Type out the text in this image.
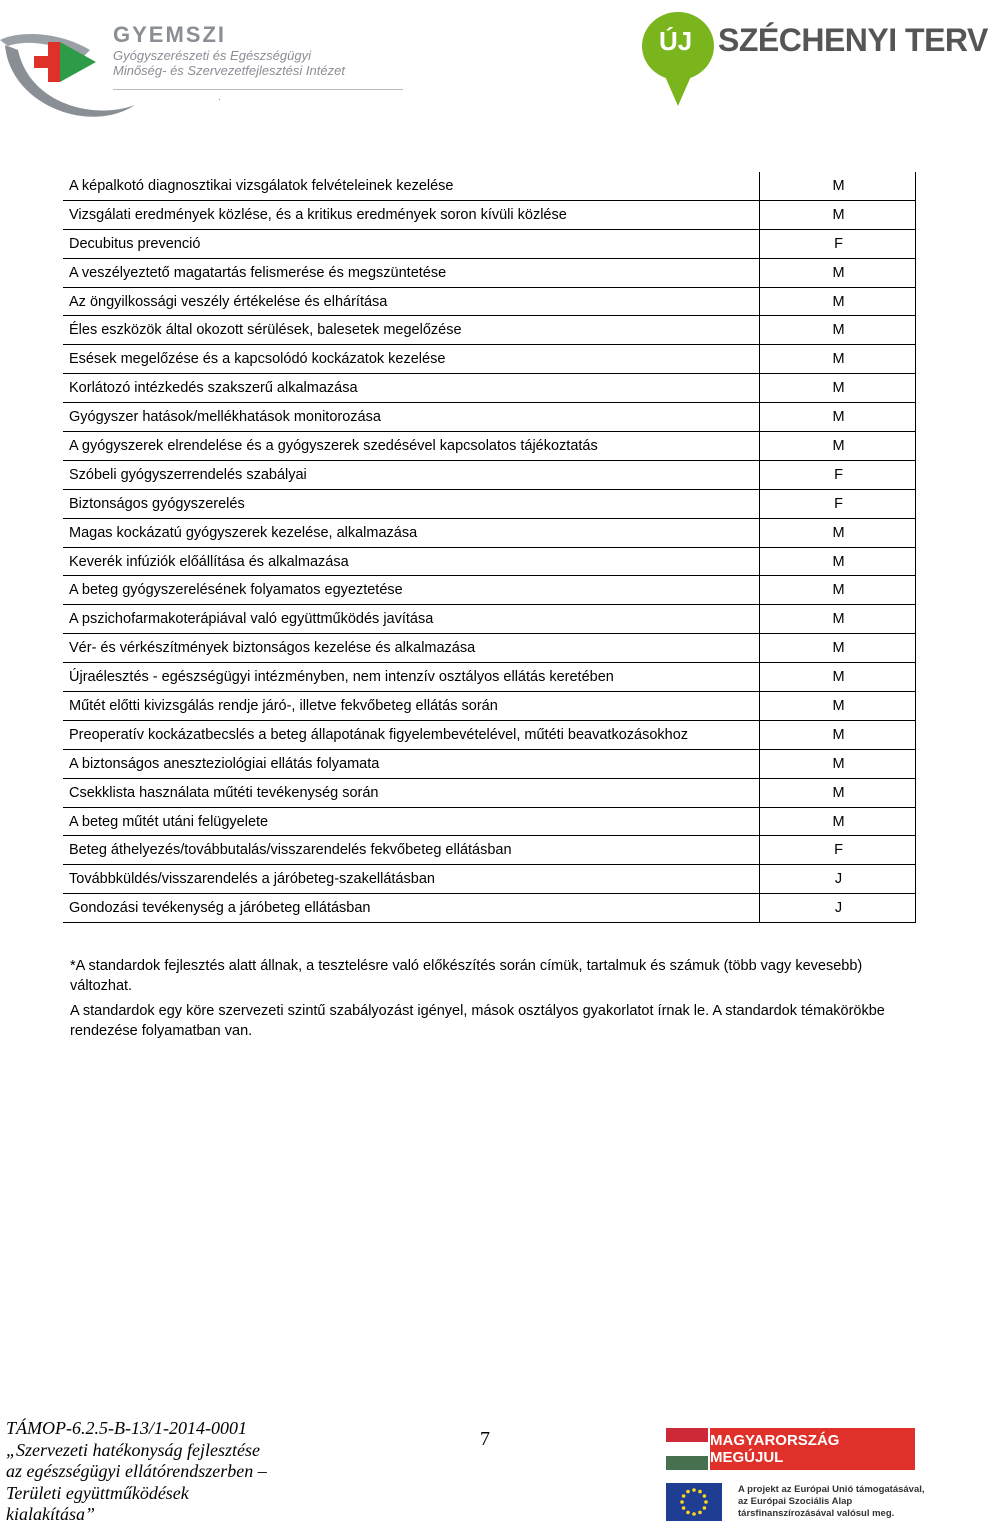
GYEMSZI
Gyógyszerészeti és Egészségügyi
Minőség- és Szervezetfejlesztési Intézet
.
ÚJ SZÉCHENYI TERV
A képalkotó diagnosztikai vizsgálatok felvételeinek kezelése	M
Vizsgálati eredmények közlése, és a kritikus eredmények soron kívüli közlése	M
Decubitus prevenció	F
A veszélyeztető magatartás felismerése és megszüntetése	M
Az öngyilkossági veszély értékelése és elhárítása	M
Éles eszközök által okozott sérülések, balesetek megelőzése	M
Esések megelőzése és a kapcsolódó kockázatok kezelése	M
Korlátozó intézkedés szakszerű alkalmazása	M
Gyógyszer hatások/mellékhatások monitorozása	M
A gyógyszerek elrendelése és a gyógyszerek szedésével kapcsolatos tájékoztatás	M
Szóbeli gyógyszerrendelés szabályai	F
Biztonságos gyógyszerelés	F
Magas kockázatú gyógyszerek kezelése, alkalmazása	M
Keverék infúziók előállítása és alkalmazása	M
A beteg gyógyszerelésének folyamatos egyeztetése	M
A pszichofarmakoterápiával való együttműködés javítása	M
Vér- és vérkészítmények biztonságos kezelése és alkalmazása	M
Újraélesztés - egészségügyi intézményben, nem intenzív osztályos ellátás keretében	M
Műtét előtti kivizsgálás rendje járó-, illetve fekvőbeteg ellátás során	M
Preoperatív kockázatbecslés a beteg állapotának figyelembevételével, műtéti beavatkozásokhoz	M
A biztonságos aneszteziológiai ellátás folyamata	M
Csekklista használata műtéti tevékenység során	M
A beteg műtét utáni felügyelete	M
Beteg áthelyezés/továbbutalás/visszarendelés fekvőbeteg ellátásban	F
Továbbküldés/visszarendelés a járóbeteg-szakellátásban	J
Gondozási tevékenység a járóbeteg ellátásban	J
*A standardok fejlesztés alatt állnak, a tesztelésre való előkészítés során címük, tartalmuk és számuk (több vagy kevesebb) változhat.
A standardok egy köre szervezeti szintű szabályozást igényel, mások osztályos gyakorlatot írnak le. A standardok témakörökbe rendezése folyamatban van.
TÁMOP-6.2.5-B-13/1-2014-0001
„Szervezeti hatékonyság fejlesztése
az egészségügyi ellátórendszerben –
Területi együttműködések
kialakítása”
7	MAGYARORSZÁG MEGÚJUL
A projekt az Európai Unió támogatásával,
az Európai Szociális Alap
társfinanszírozásával valósul meg.
